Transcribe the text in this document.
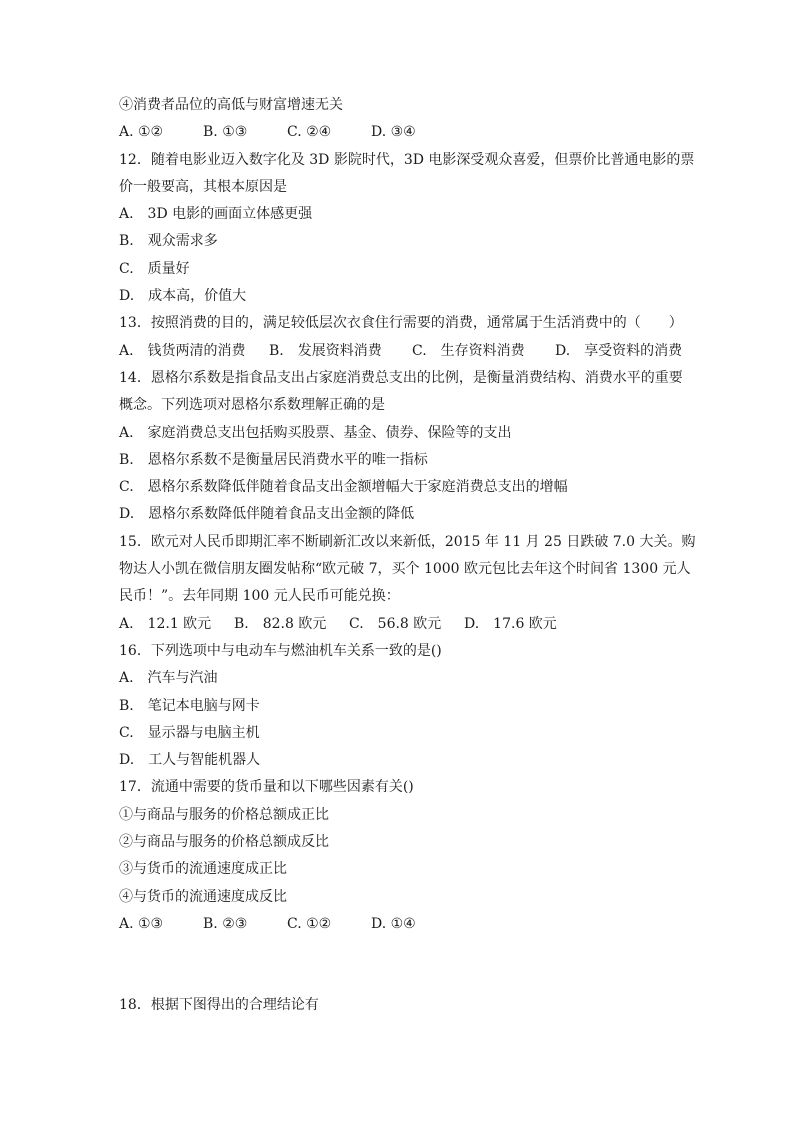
④消费者品位的高低与财富增速无关
A. ①②	B. ①③	C. ②④	D. ③④
12．随着电影业迈入数字化及 3D 影院时代，3D 电影深受观众喜爱，但票价比普通电影的票
价一般要高，其根本原因是
A.　3D 电影的画面立体感更强
B.　观众需求多
C.　质量好
D.　成本高，价值大
13．按照消费的目的，满足较低层次衣食住行需要的消费，通常属于生活消费中的（　　）
A.　钱货两清的消费	B.　发展资料消费	C.　生存资料消费	D.　享受资料的消费
14．恩格尔系数是指食品支出占家庭消费总支出的比例，是衡量消费结构、消费水平的重要
概念。下列选项对恩格尔系数理解正确的是
A.　家庭消费总支出包括购买股票、基金、债券、保险等的支出
B.　恩格尔系数不是衡量居民消费水平的唯一指标
C.　恩格尔系数降低伴随着食品支出金额增幅大于家庭消费总支出的增幅
D.　恩格尔系数降低伴随着食品支出金额的降低
15．欧元对人民币即期汇率不断刷新汇改以来新低，2015 年 11 月 25 日跌破 7.0 大关。购
物达人小凯在微信朋友圈发帖称“欧元破 7，买个 1000 欧元包比去年这个时间省 1300 元人
民币！”。去年同期 100 元人民币可能兑换：
A.　12.1 欧元	B.　82.8 欧元	C.　56.8 欧元	D.　17.6 欧元
16．下列选项中与电动车与燃油机车关系一致的是()
A.　汽车与汽油
B.　笔记本电脑与网卡
C.　显示器与电脑主机
D.　工人与智能机器人
17．流通中需要的货币量和以下哪些因素有关()
①与商品与服务的价格总额成正比
②与商品与服务的价格总额成反比
③与货币的流通速度成正比
④与货币的流通速度成反比
A. ①③	B. ②③	C. ①②	D. ①④
18．根据下图得出的合理结论有
